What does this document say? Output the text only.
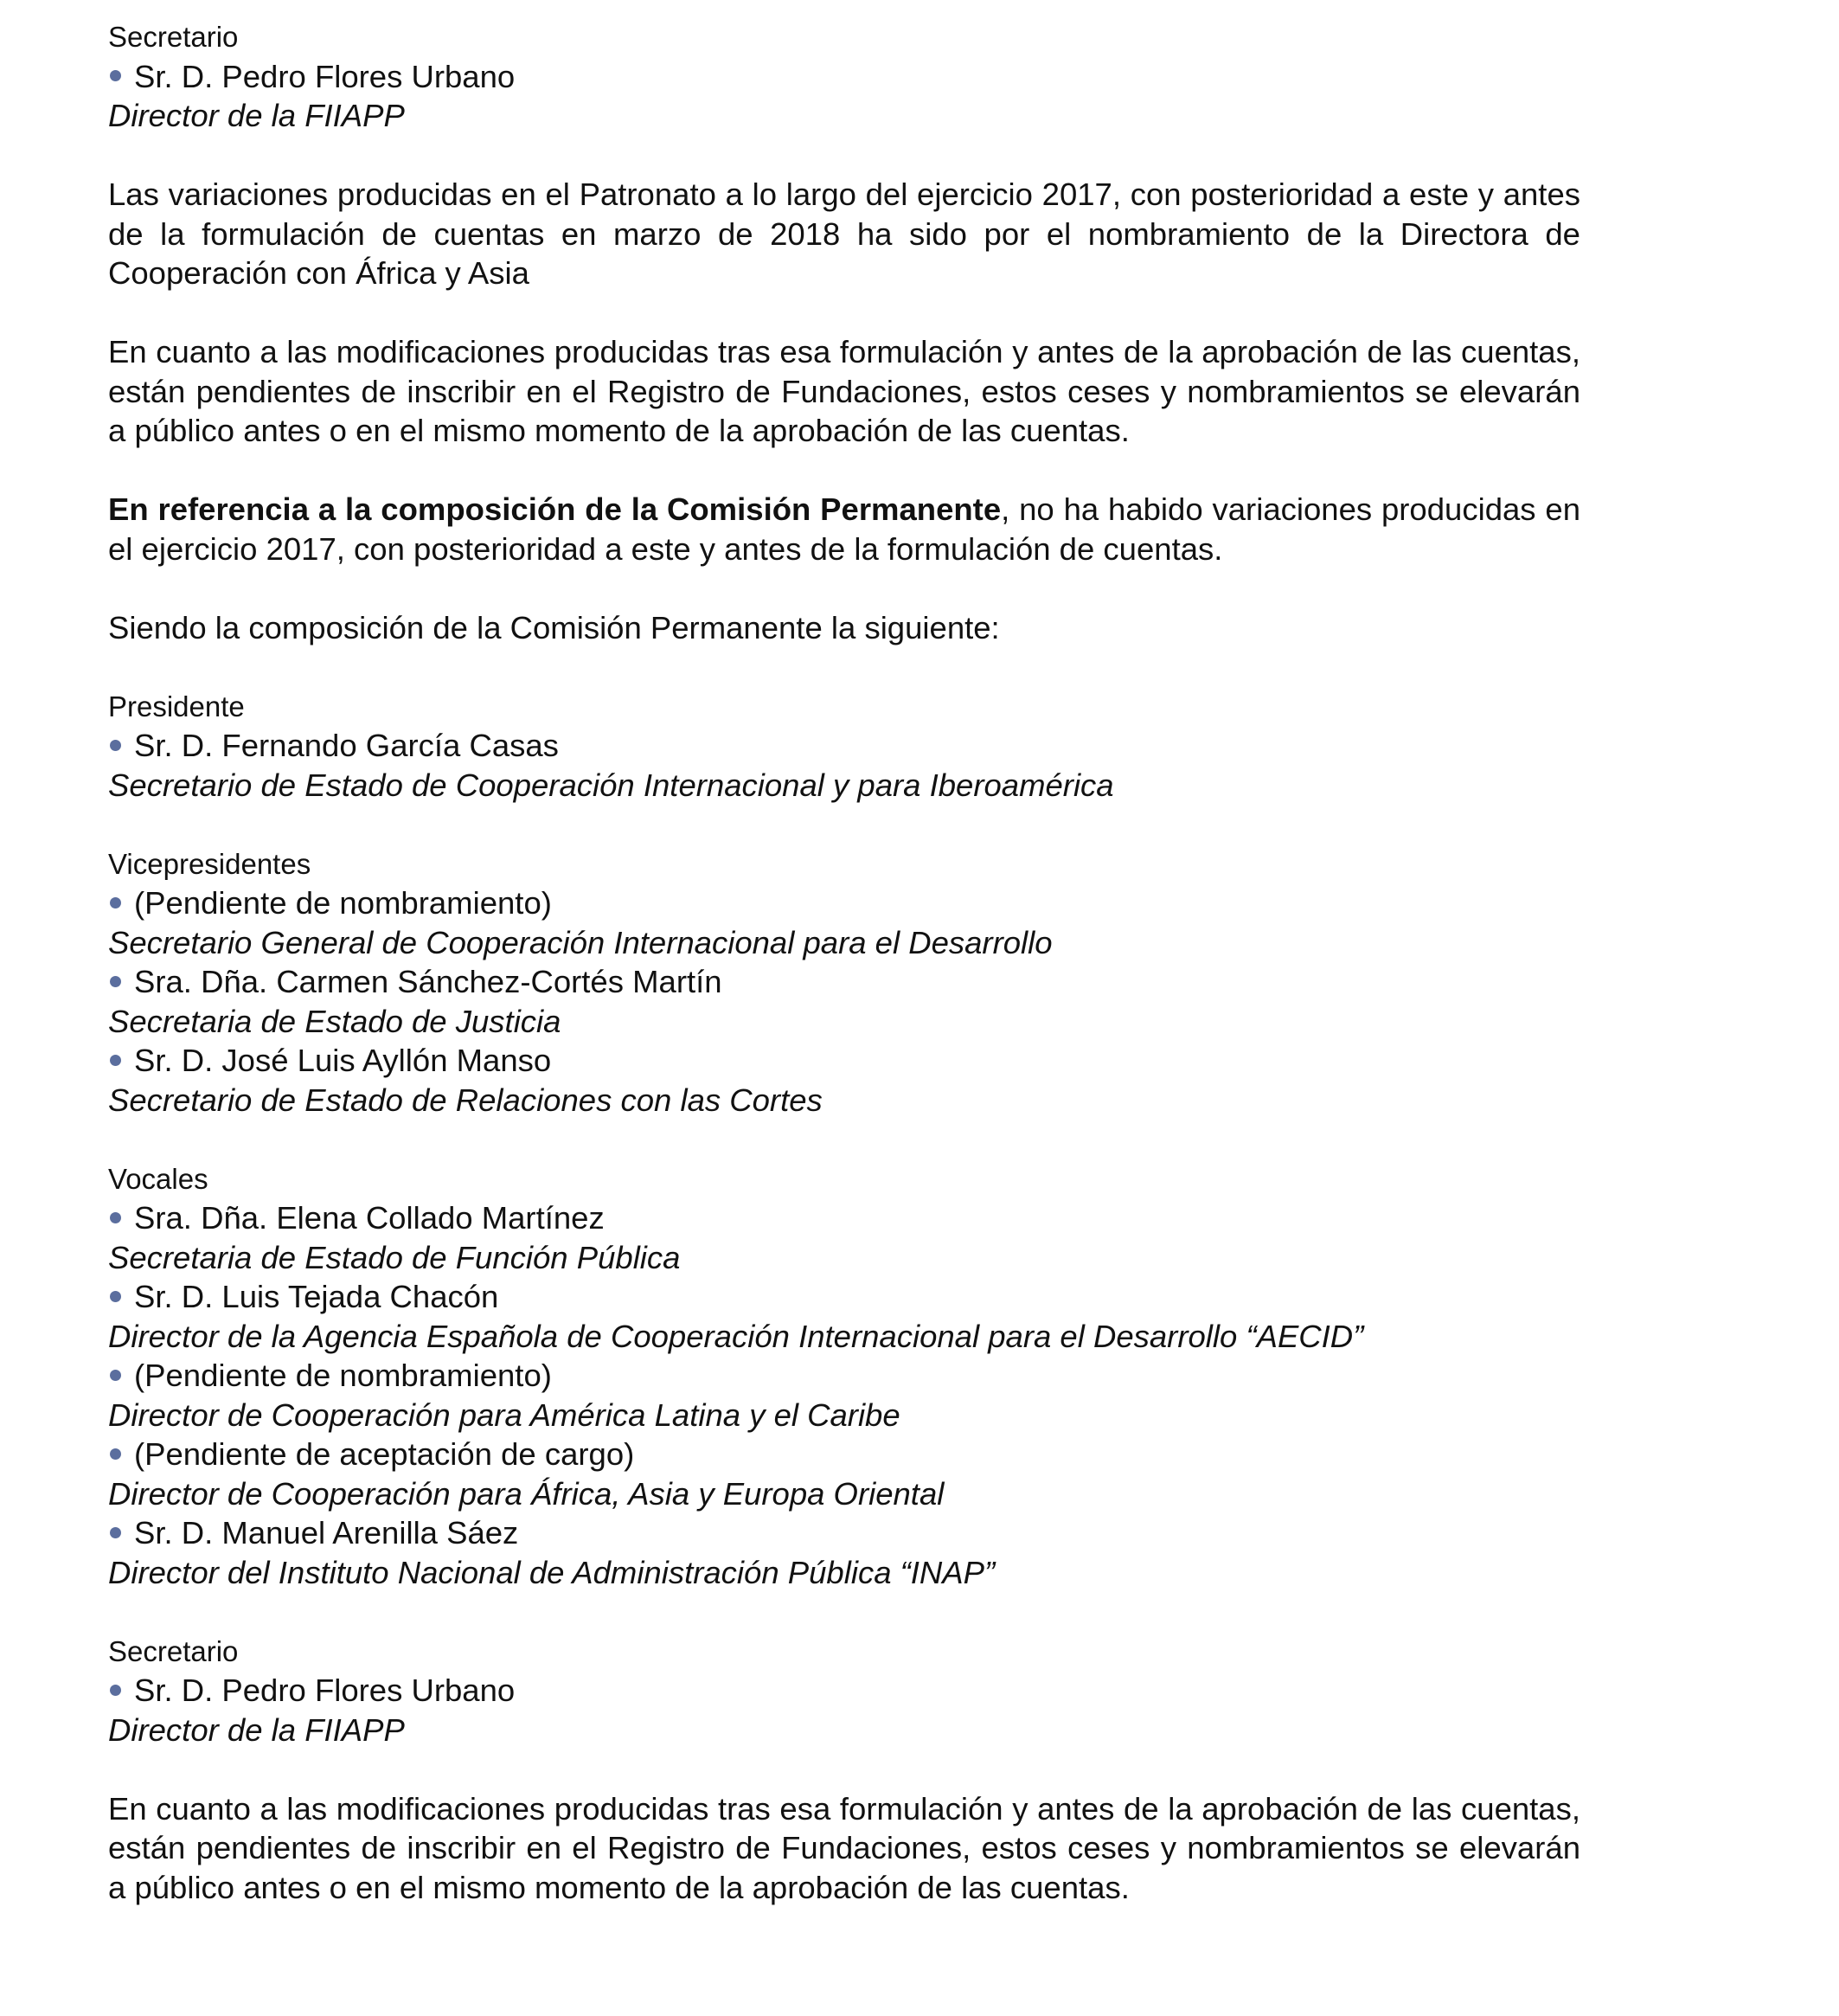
Secretario

Sr. D. Pedro Flores Urbano

Director de la FIIAPP

Las variaciones producidas en el Patronato a lo largo del ejercicio 2017, con posterioridad a este y antes de la formulación de cuentas en marzo de 2018 ha sido por el nombramiento de la Directora de Cooperación con África y Asia

En cuanto a las modificaciones producidas tras esa formulación y antes de la aprobación de las cuentas, están pendientes de inscribir en el Registro de Fundaciones, estos ceses y nombramientos se elevarán a público antes o en el mismo momento de la aprobación de las cuentas.

En referencia a la composición de la Comisión Permanente, no ha habido variaciones producidas en el ejercicio 2017, con posterioridad a este y antes de la formulación de cuentas.

Siendo la composición de la Comisión Permanente la siguiente:

Presidente

Sr. D. Fernando García Casas

Secretario de Estado de Cooperación Internacional y para Iberoamérica

Vicepresidentes

(Pendiente de nombramiento)

Secretario General de Cooperación Internacional para el Desarrollo

Sra. Dña. Carmen Sánchez-Cortés Martín

Secretaria de Estado de Justicia

Sr. D. José Luis Ayllón Manso

Secretario de Estado de Relaciones con las Cortes

Vocales

Sra. Dña. Elena Collado Martínez

Secretaria de Estado de Función Pública

Sr. D. Luis Tejada Chacón

Director de la Agencia Española de Cooperación Internacional para el Desarrollo “AECID”

(Pendiente de nombramiento)

Director de Cooperación para América Latina y el Caribe

(Pendiente de aceptación de cargo)

Director de Cooperación para África, Asia y Europa Oriental

Sr. D. Manuel Arenilla Sáez

Director del Instituto Nacional de Administración Pública “INAP”

Secretario

Sr. D. Pedro Flores Urbano

Director de la FIIAPP

En cuanto a las modificaciones producidas tras esa formulación y antes de la aprobación de las cuentas, están pendientes de inscribir en el Registro de Fundaciones, estos ceses y nombramientos se elevarán a público antes o en el mismo momento de la aprobación de las cuentas.
